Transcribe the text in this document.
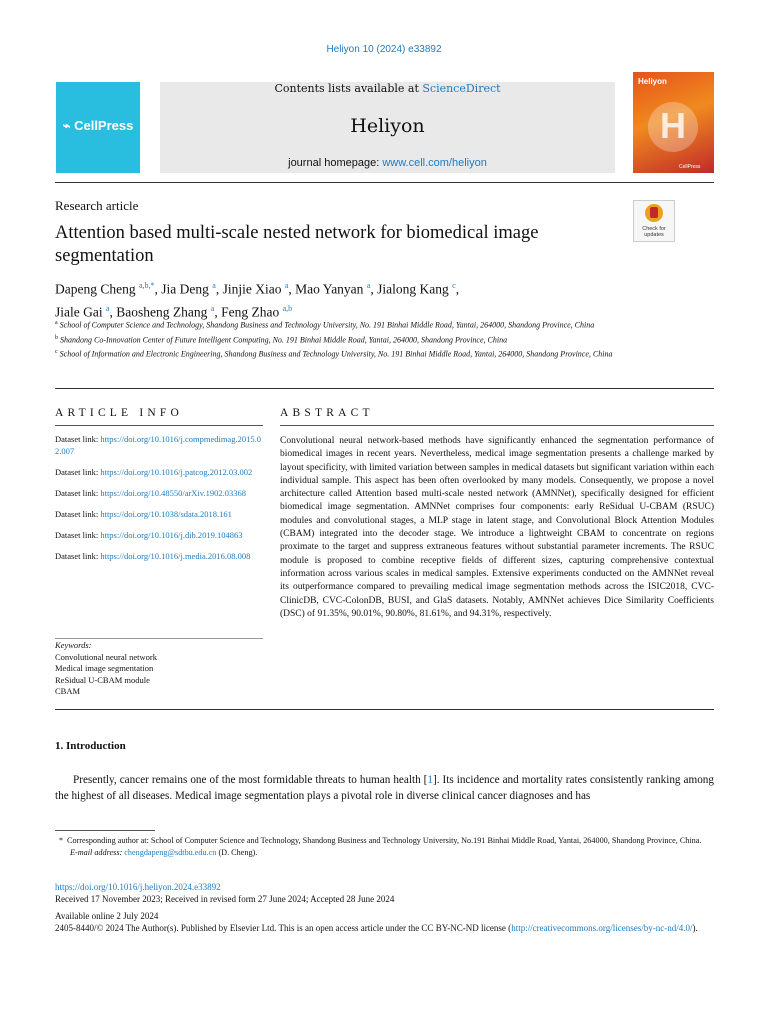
Heliyon 10 (2024) e33892
⌁ CellPress
Contents lists available at ScienceDirect
Heliyon
journal homepage: www.cell.com/heliyon
Heliyon
H
CellPress
Research article
Attention based multi-scale nested network for biomedical image segmentation
Check for updates
Dapeng Cheng $^{a,b,*}$, Jia Deng $^a$, Jinjie Xiao $^a$, Mao Yanyan $^a$, Jialong Kang $^c$,
Jiale Gai $^a$, Baosheng Zhang $^a$, Feng Zhao $^{a,b}$
$^a$ School of Computer Science and Technology, Shandong Business and Technology University, No. 191 Binhai Middle Road, Yantai, 264000, Shandong Province, China
$^b$ Shandong Co-Innovation Center of Future Intelligent Computing, No. 191 Binhai Middle Road, Yantai, 264000, Shandong Province, China
$^c$ School of Information and Electronic Engineering, Shandong Business and Technology University, No. 191 Binhai Middle Road, Yantai, 264000, Shandong Province, China
ARTICLE INFO	ABSTRACT
Dataset link: https://doi.org/10.1016/j.compmedimag.2015.02.007
Dataset link: https://doi.org/10.1016/j.patcog.2012.03.002
Dataset link: https://doi.org/10.48550/arXiv.1902.03368
Dataset link: https://doi.org/10.1038/sdata.2018.161
Dataset link: https://doi.org/10.1016/j.dib.2019.104863
Dataset link: https://doi.org/10.1016/j.media.2016.08.008
Keywords:
Convolutional neural network
Medical image segmentation
ReSidual U-CBAM module
CBAM
Convolutional neural network-based methods have significantly enhanced the segmentation performance of biomedical images in recent years. Nevertheless, medical image segmentation presents a challenge marked by layout specificity, with limited variation between samples in medical datasets but significant variation within each individual sample. This aspect has been often overlooked by many models. Consequently, we propose a novel architecture called Attention based multi-scale nested network (AMNNet), specifically designed for efficient biomedical image segmentation. AMNNet comprises four components: early ReSidual U-CBAM (RSUC) modules and convolutional stages, a MLP stage in latent stage, and Convolutional Block Attention Modules (CBAM) integrated into the decoder stage. We introduce a lightweight CBAM to concentrate on regions proximate to the target and suppress extraneous features without substantial parameter increments. The RSUC module is proposed to combine receptive fields of different sizes, capturing comprehensive contextual information across various scales in medical samples. Extensive experiments conducted on the AMNNet reveal its outperformance compared to prevailing medical image segmentation methods across the ISIC2018, CVC-ClinicDB, CVC-ColonDB, BUSI, and GlaS datasets. Notably, AMNNet achieves Dice Similarity Coefficients (DSC) of 91.35%, 90.01%, 90.80%, 81.61%, and 94.31%, respectively.
1. Introduction
Presently, cancer remains one of the most formidable threats to human health [1]. Its incidence and mortality rates consistently ranking among the highest of all diseases. Medical image segmentation plays a pivotal role in diverse clinical cancer diagnoses and has
* Corresponding author at: School of Computer Science and Technology, Shandong Business and Technology University, No.191 Binhai Middle Road, Yantai, 264000, Shandong Province, China.
E-mail address: chengdapeng@sdtbu.edu.cn (D. Cheng).
https://doi.org/10.1016/j.heliyon.2024.e33892
Received 17 November 2023; Received in revised form 27 June 2024; Accepted 28 June 2024
Available online 2 July 2024
2405-8440/© 2024 The Author(s). Published by Elsevier Ltd. This is an open access article under the CC BY-NC-ND license (http://creativecommons.org/licenses/by-nc-nd/4.0/).
